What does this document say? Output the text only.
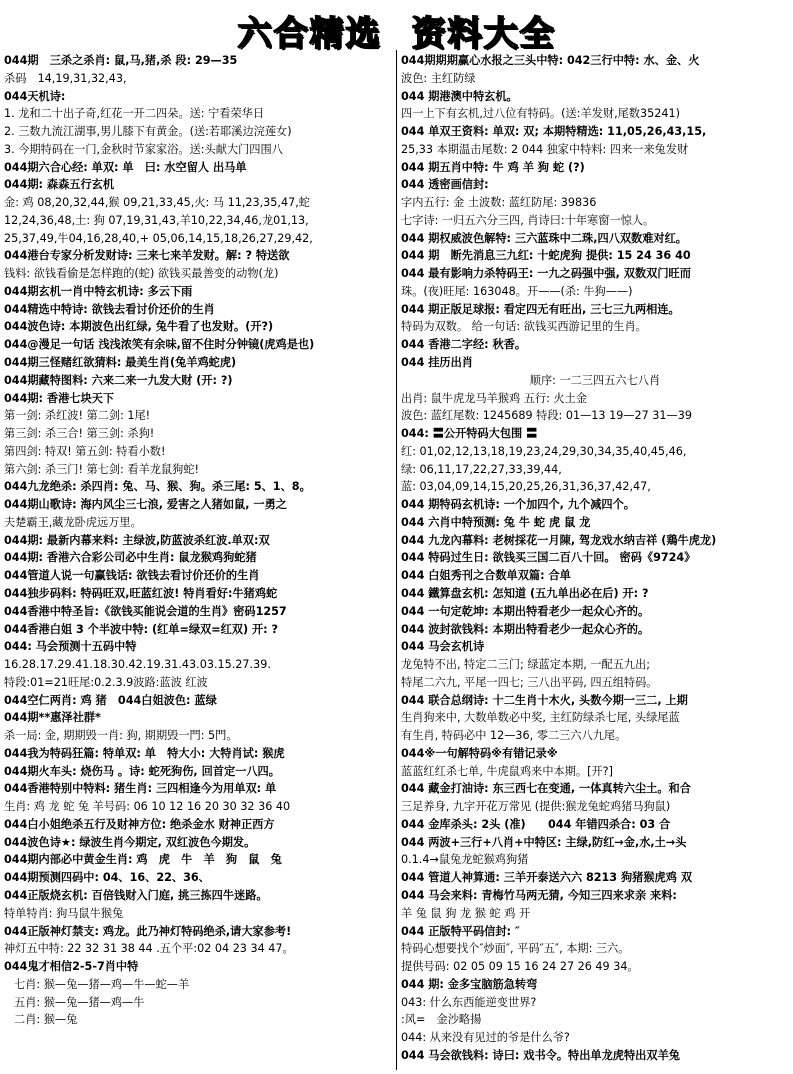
六 合 精 选 资 料 大 全

044期　三杀之杀肖: 鼠,马,猪,杀 段: 29—35

杀码　14,19,31,32,43,

044天机诗:

1. 龙和二十出子奇,红花一开二四朵。送: 宁看荣华日

2. 三数九流江湖事,男儿膝下有黄金。(送:若耶溪边浣莲女)

3. 今期特码在一门,金秋时节家家浴。送:头献大门四围八

044期六合心经: 单双: 单　曰: 水空留人 出马单

044期: 森森五行玄机

金: 鸡 08,20,32,44,猴 09,21,33,45,火: 马 11,23,35,47,蛇

12,24,36,48,土: 狗 07,19,31,43,羊10,22,34,46,龙01,13,

25,37,49,牛04,16,28,40,+ 05,06,14,15,18,26,27,29,42,

044港台专家分析发财诗: 三来七来羊发财。解: ? 特送欲

钱料: 欲钱看偷是怎样跑的(蛇) 欲钱买最善变的动物(龙)

044期玄机一肖中特玄机诗: 多云下雨

044精选中特诗: 欲钱去看讨价还价的生肖

044波色诗: 本期波色出红绿, 兔牛看了也发财。(开?)

044@漫足一句话 浅浅浓笑有余味,留不住时分钟镜(虎鸡是也)

044期三怪赌红欲猜料: 最美生肖(兔羊鸡蛇虎)

044期藏特图料: 六来二来一九发大财 (开: ?)

044期: 香港七块天下

第一剑: 杀红波! 第二剑: 1尾!

第三剑: 杀三合! 第三剑: 杀狗!

第四剑: 特双! 第五剑: 特看小数!

第六剑: 杀三门! 第七剑: 看羊龙鼠狗蛇!

044九龙绝杀: 杀四肖: 兔、马、猴、狗。杀三尾: 5、1、8。

044期山歌诗: 海内风尘三七浪, 爱害之人猪如鼠, 一勇之

夫楚霸王,藏龙卧虎远万里。

044期: 最新内幕来料: 主绿波,防蓝波杀红波.单双:双

044期: 香港六合彩公司必中生肖: 鼠龙猴鸡狗蛇猪

044管道人说一句赢钱话: 欲钱去看讨价还价的生肖

044独步码料: 特码旺双,旺蓝红波! 特肖看好:牛猪鸡蛇

044香港中特圣旨:《欲钱买能说会道的生肖》密码1257

044香港白姐 3 个半波中特: (红单=绿双=红双) 开: ?

044: 马会预测十五码中特

16.28.17.29.41.18.30.42.19.31.43.03.15.27.39.

特段:01=21旺尾:0.2.3.9波路:蓝波 红波

044空仁两肖: 鸡 猪　044白姐波色: 蓝绿

044期**惠泽社群*

杀一局: 金, 期期毁一肖: 狗, 期期毁一門: 5門。

044我为特码狂篇: 特单双: 单　特大小: 大特肖试: 猴虎

044期火车头: 烧伤马 。诗: 蛇死狗伤, 回首定一八四。

044香港特别中特料: 猪生肖: 三四相逢今为用单双: 单

生肖: 鸡 龙 蛇 兔 羊号码: 06 10 12 16 20 30 32 36 40

044白小姐绝杀五行及财神方位: 绝杀金水 财神正西方

044波色诗★: 绿波生肖今期定, 双红波色今期发。

044期内部必中黄金生肖: 鸡　虎　牛　羊　狗　鼠　兔

044期预测四码中: 04、16、22、36、

044正版烧玄机: 百倍钱财入门庭, 挑三拣四牛迷路。

特单特肖: 狗马鼠牛猴兔

044正版神灯禁支: 鸡龙。此乃神灯特码绝杀,请大家参考!

神灯五中特: 22 32 31 38 44 .五个平:02 04 23 34 47。

044鬼才相信2-5-7肖中特

七肖: 猴—兔—猪—鸡—牛—蛇—羊

五肖: 猴—兔—猪—鸡—牛

二肖: 猴—兔

044期期期赢心水报之三头中特: 042三行中特: 水、金、火

波色: 主红防绿

044 期港澳中特玄机。

四一上下有玄机,过八位有特码。(送:羊发财,尾数35241)

044 单双王资料: 单双: 双; 本期特精选: 11,05,26,43,15,

25,33 本期温击尾数: 2 044 独家中特料: 四来一来兔发财

044 期五肖中特: 牛 鸡 羊 狗 蛇 (?)

044 透密画信封:

字内五行: 金 土波数: 蓝红防尾: 39836

七字诗: 一归五六分三四, 肖诗曰:十年寒窗一惊人。

044 期权威波色解特: 三六蓝珠中二珠,四八双数难对红。

044 期　断先消息三九红: 十蛇虎狗 提供: 15 24 36 40

044 最有影响力杀特码王: 一九之码强中强, 双数双门旺而

珠。(夜)旺尾: 163048。开——(杀: 牛狗——)

044 期正版足球报: 看定四无有旺出, 三七三九两相连。

特码为双数。 给一句话: 欲钱买西游记里的生肖。

044 香港二字经: 秋香。

044 挂历出肖

顺序: 一二三四五六七八肖

出肖: 鼠牛虎龙马羊猴鸡 五行: 火土金

波色: 蓝红尾数: 1245689 特段: 01—13 19—27 31—39

044: 〓公开特码大包围 〓

红: 01,02,12,13,18,19,23,24,29,30,34,35,40,45,46,

绿: 06,11,17,22,27,33,39,44,

蓝: 03,04,09,14,15,20,25,26,31,36,37,42,47,

044 期特码玄机诗: 一个加四个, 九个减四个。

044 六肖中特预测: 兔 牛 蛇 虎 鼠 龙

044 九龙內幕料: 老树採花一月陳, 驾龙戏水纳吉祥 (鶏牛虎龙)

044 特码过生日: 欲钱买三国二百八十回。 密码《9724》

044 白姐秀刊之合数单双篇: 合单

044 鐵算盘玄机: 怎知道 (五九单出必在后) 开: ?

044 一句定乾坤: 本期出特看老少一起众心齐的。

044 波封欲钱料: 本期出特看老少一起众心齐的。

044 马会玄机诗

龙兔特不出, 特定二三门; 绿蓝定本期, 一配五九出;

特尾二六九, 平尾一四七; 三八出平码, 四五组特码。

044 联合总纲诗: 十二生肖十木火, 头数今期一三二, 上期

生肖狗来中, 大数单数必中奖, 主红防绿杀七尾, 头绿尾蓝

有生肖, 特码必中 12—36, 零二三六八九尾。

044※一句解特码※有错记录※

蓝蓝红红杀七单, 牛虎鼠鸡来中本期。[开?]

044 藏金打油诗: 东三西七在变通, 一体真转六尘土。和合

三足养身, 九字开花万常见 (提供:猴龙兔蛇鸡猪马狗鼠)

044 金库杀头: 2头 (准)　　044 年错四杀合: 03 合

044 两波+三行+八肖+中特区: 主绿,防红→金,水,土→头

0.1.4→鼠兔龙蛇猴鸡狗猪

044 管道人神算通: 三羊开泰送六六 8213 狗猪猴虎鸡 双

044 马会来料: 青梅竹马两无猜, 今知三四来求亲 来料:

羊 兔 鼠 狗 龙 猴 蛇 鸡 开

044 正版特平码信封: ″

特码心想要找个″炒面″, 平码″五″, 本期: 三六。

提供号码: 02 05 09 15 16 24 27 26 49 34。

044 期: 金多宝脑筋急转弯

043: 什么东西能逆变世界?

:风=　金沙略揚

044: 从来没有见过的爷是什么爷?

044 马会欲钱料: 诗曰: 戏书令。特出单龙虎特出双羊兔
